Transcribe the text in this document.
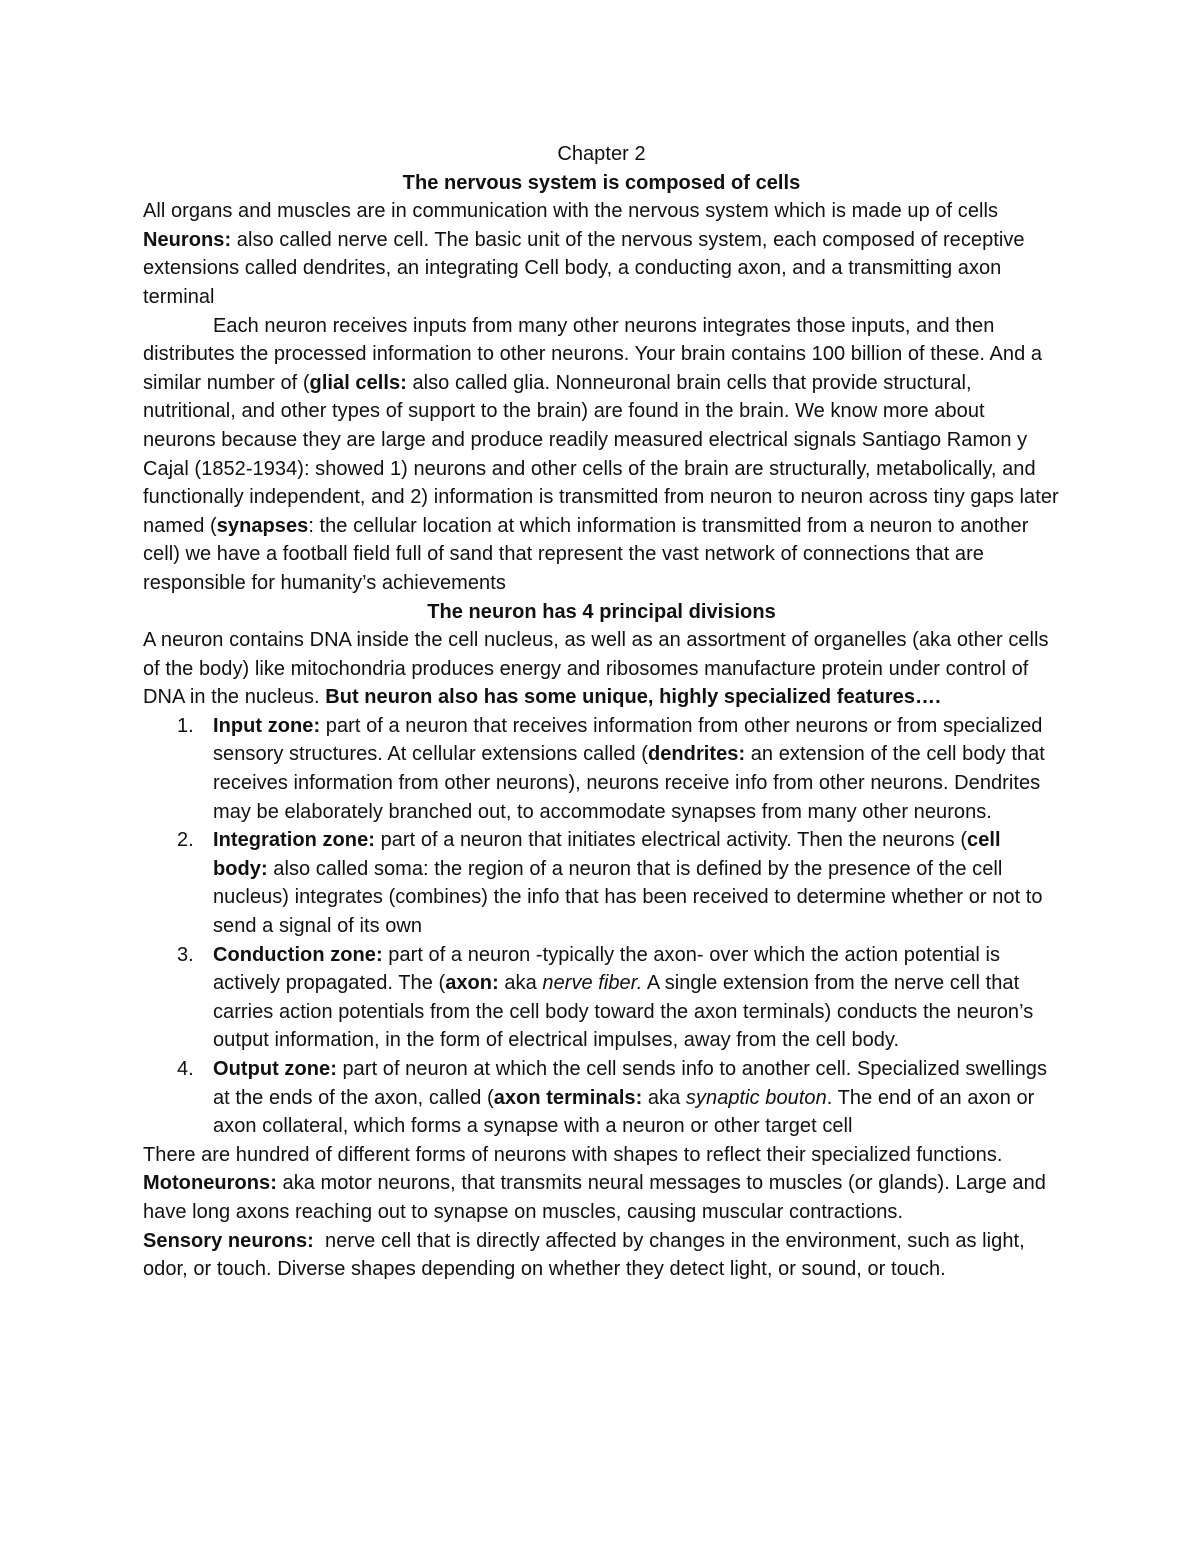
Chapter 2

The nervous system is composed of cells

All organs and muscles are in communication with the nervous system which is made up of cells

Neurons: also called nerve cell. The basic unit of the nervous system, each composed of receptive extensions called dendrites, an integrating Cell body, a conducting axon, and a transmitting axon terminal

Each neuron receives inputs from many other neurons integrates those inputs, and then distributes the processed information to other neurons. Your brain contains 100 billion of these. And a similar number of (glial cells: also called glia. Nonneuronal brain cells that provide structural, nutritional, and other types of support to the brain) are found in the brain. We know more about neurons because they are large and produce readily measured electrical signals Santiago Ramon y Cajal (1852-1934): showed 1) neurons and other cells of the brain are structurally, metabolically, and functionally independent, and 2) information is transmitted from neuron to neuron across tiny gaps later named (synapses: the cellular location at which information is transmitted from a neuron to another cell) we have a football field full of sand that represent the vast network of connections that are responsible for humanity’s achievements

The neuron has 4 principal divisions

A neuron contains DNA inside the cell nucleus, as well as an assortment of organelles (aka other cells of the body) like mitochondria produces energy and ribosomes manufacture protein under control of DNA in the nucleus. But neuron also has some unique, highly specialized features….

1. Input zone: part of a neuron that receives information from other neurons or from specialized sensory structures. At cellular extensions called (dendrites: an extension of the cell body that receives information from other neurons), neurons receive info from other neurons. Dendrites may be elaborately branched out, to accommodate synapses from many other neurons.
2. Integration zone: part of a neuron that initiates electrical activity. Then the neurons (cell body: also called soma: the region of a neuron that is defined by the presence of the cell nucleus) integrates (combines) the info that has been received to determine whether or not to send a signal of its own
3. Conduction zone: part of a neuron -typically the axon- over which the action potential is actively propagated. The (axon: aka nerve fiber. A single extension from the nerve cell that carries action potentials from the cell body toward the axon terminals) conducts the neuron’s output information, in the form of electrical impulses, away from the cell body.
4. Output zone: part of neuron at which the cell sends info to another cell. Specialized swellings at the ends of the axon, called (axon terminals: aka synaptic bouton. The end of an axon or axon collateral, which forms a synapse with a neuron or other target cell

There are hundred of different forms of neurons with shapes to reflect their specialized functions.

Motoneurons: aka motor neurons, that transmits neural messages to muscles (or glands). Large and have long axons reaching out to synapse on muscles, causing muscular contractions.

Sensory neurons:  nerve cell that is directly affected by changes in the environment, such as light, odor, or touch. Diverse shapes depending on whether they detect light, or sound, or touch.
